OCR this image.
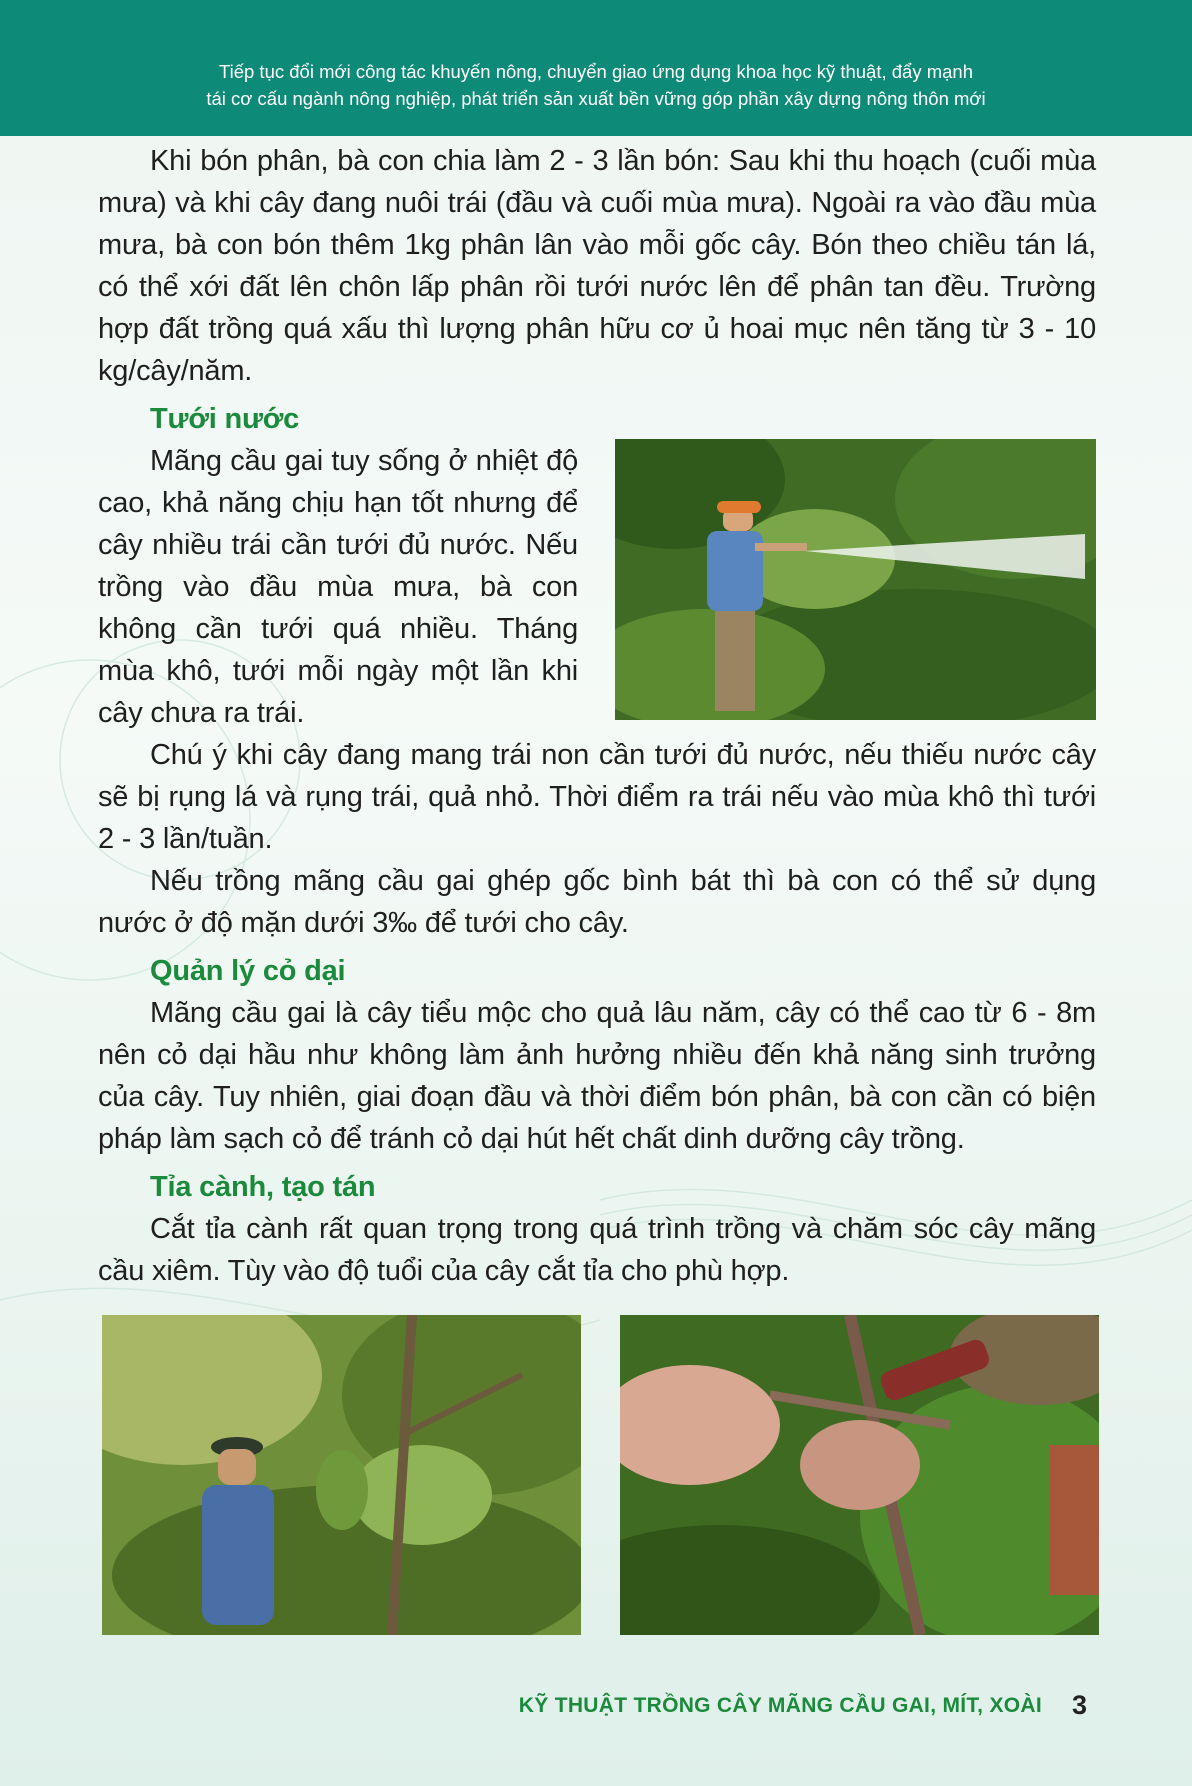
Tiếp tục đổi mới công tác khuyến nông, chuyển giao ứng dụng khoa học kỹ thuật, đẩy mạnh
tái cơ cấu ngành nông nghiệp, phát triển sản xuất bền vững góp phần xây dựng nông thôn mới

Khi bón phân, bà con chia làm 2 - 3 lần bón: Sau khi thu hoạch (cuối mùa mưa) và khi cây đang nuôi trái (đầu và cuối mùa mưa). Ngoài ra vào đầu mùa mưa, bà con bón thêm 1kg phân lân vào mỗi gốc cây. Bón theo chiều tán lá, có thể xới đất lên chôn lấp phân rồi tưới nước lên để phân tan đều. Trường hợp đất trồng quá xấu thì lượng phân hữu cơ ủ hoai mục nên tăng từ 3 - 10 kg/cây/năm.

Tưới nước

Mãng cầu gai tuy sống ở nhiệt độ cao, khả năng chịu hạn tốt nhưng để cây nhiều trái cần tưới đủ nước. Nếu trồng vào đầu mùa mưa, bà con không cần tưới quá nhiều. Tháng mùa khô, tưới mỗi ngày một lần khi cây chưa ra trái.

Chú ý khi cây đang mang trái non cần tưới đủ nước, nếu thiếu nước cây sẽ bị rụng lá và rụng trái, quả nhỏ. Thời điểm ra trái nếu vào mùa khô thì tưới 2 - 3 lần/tuần.

Nếu trồng mãng cầu gai ghép gốc bình bát thì bà con có thể sử dụng nước ở độ mặn dưới 3‰ để tưới cho cây.

Quản lý cỏ dại

Mãng cầu gai là cây tiểu mộc cho quả lâu năm, cây có thể cao từ 6 - 8m nên cỏ dại hầu như không làm ảnh hưởng nhiều đến khả năng sinh trưởng của cây. Tuy nhiên, giai đoạn đầu và thời điểm bón phân, bà con cần có biện pháp làm sạch cỏ để tránh cỏ dại hút hết chất dinh dưỡng cây trồng.

Tỉa cành, tạo tán

Cắt tỉa cành rất quan trọng trong quá trình trồng và chăm sóc cây mãng cầu xiêm. Tùy vào độ tuổi của cây cắt tỉa cho phù hợp.

KỸ THUẬT TRỒNG CÂY MÃNG CẦU GAI, MÍT, XOÀI 3
